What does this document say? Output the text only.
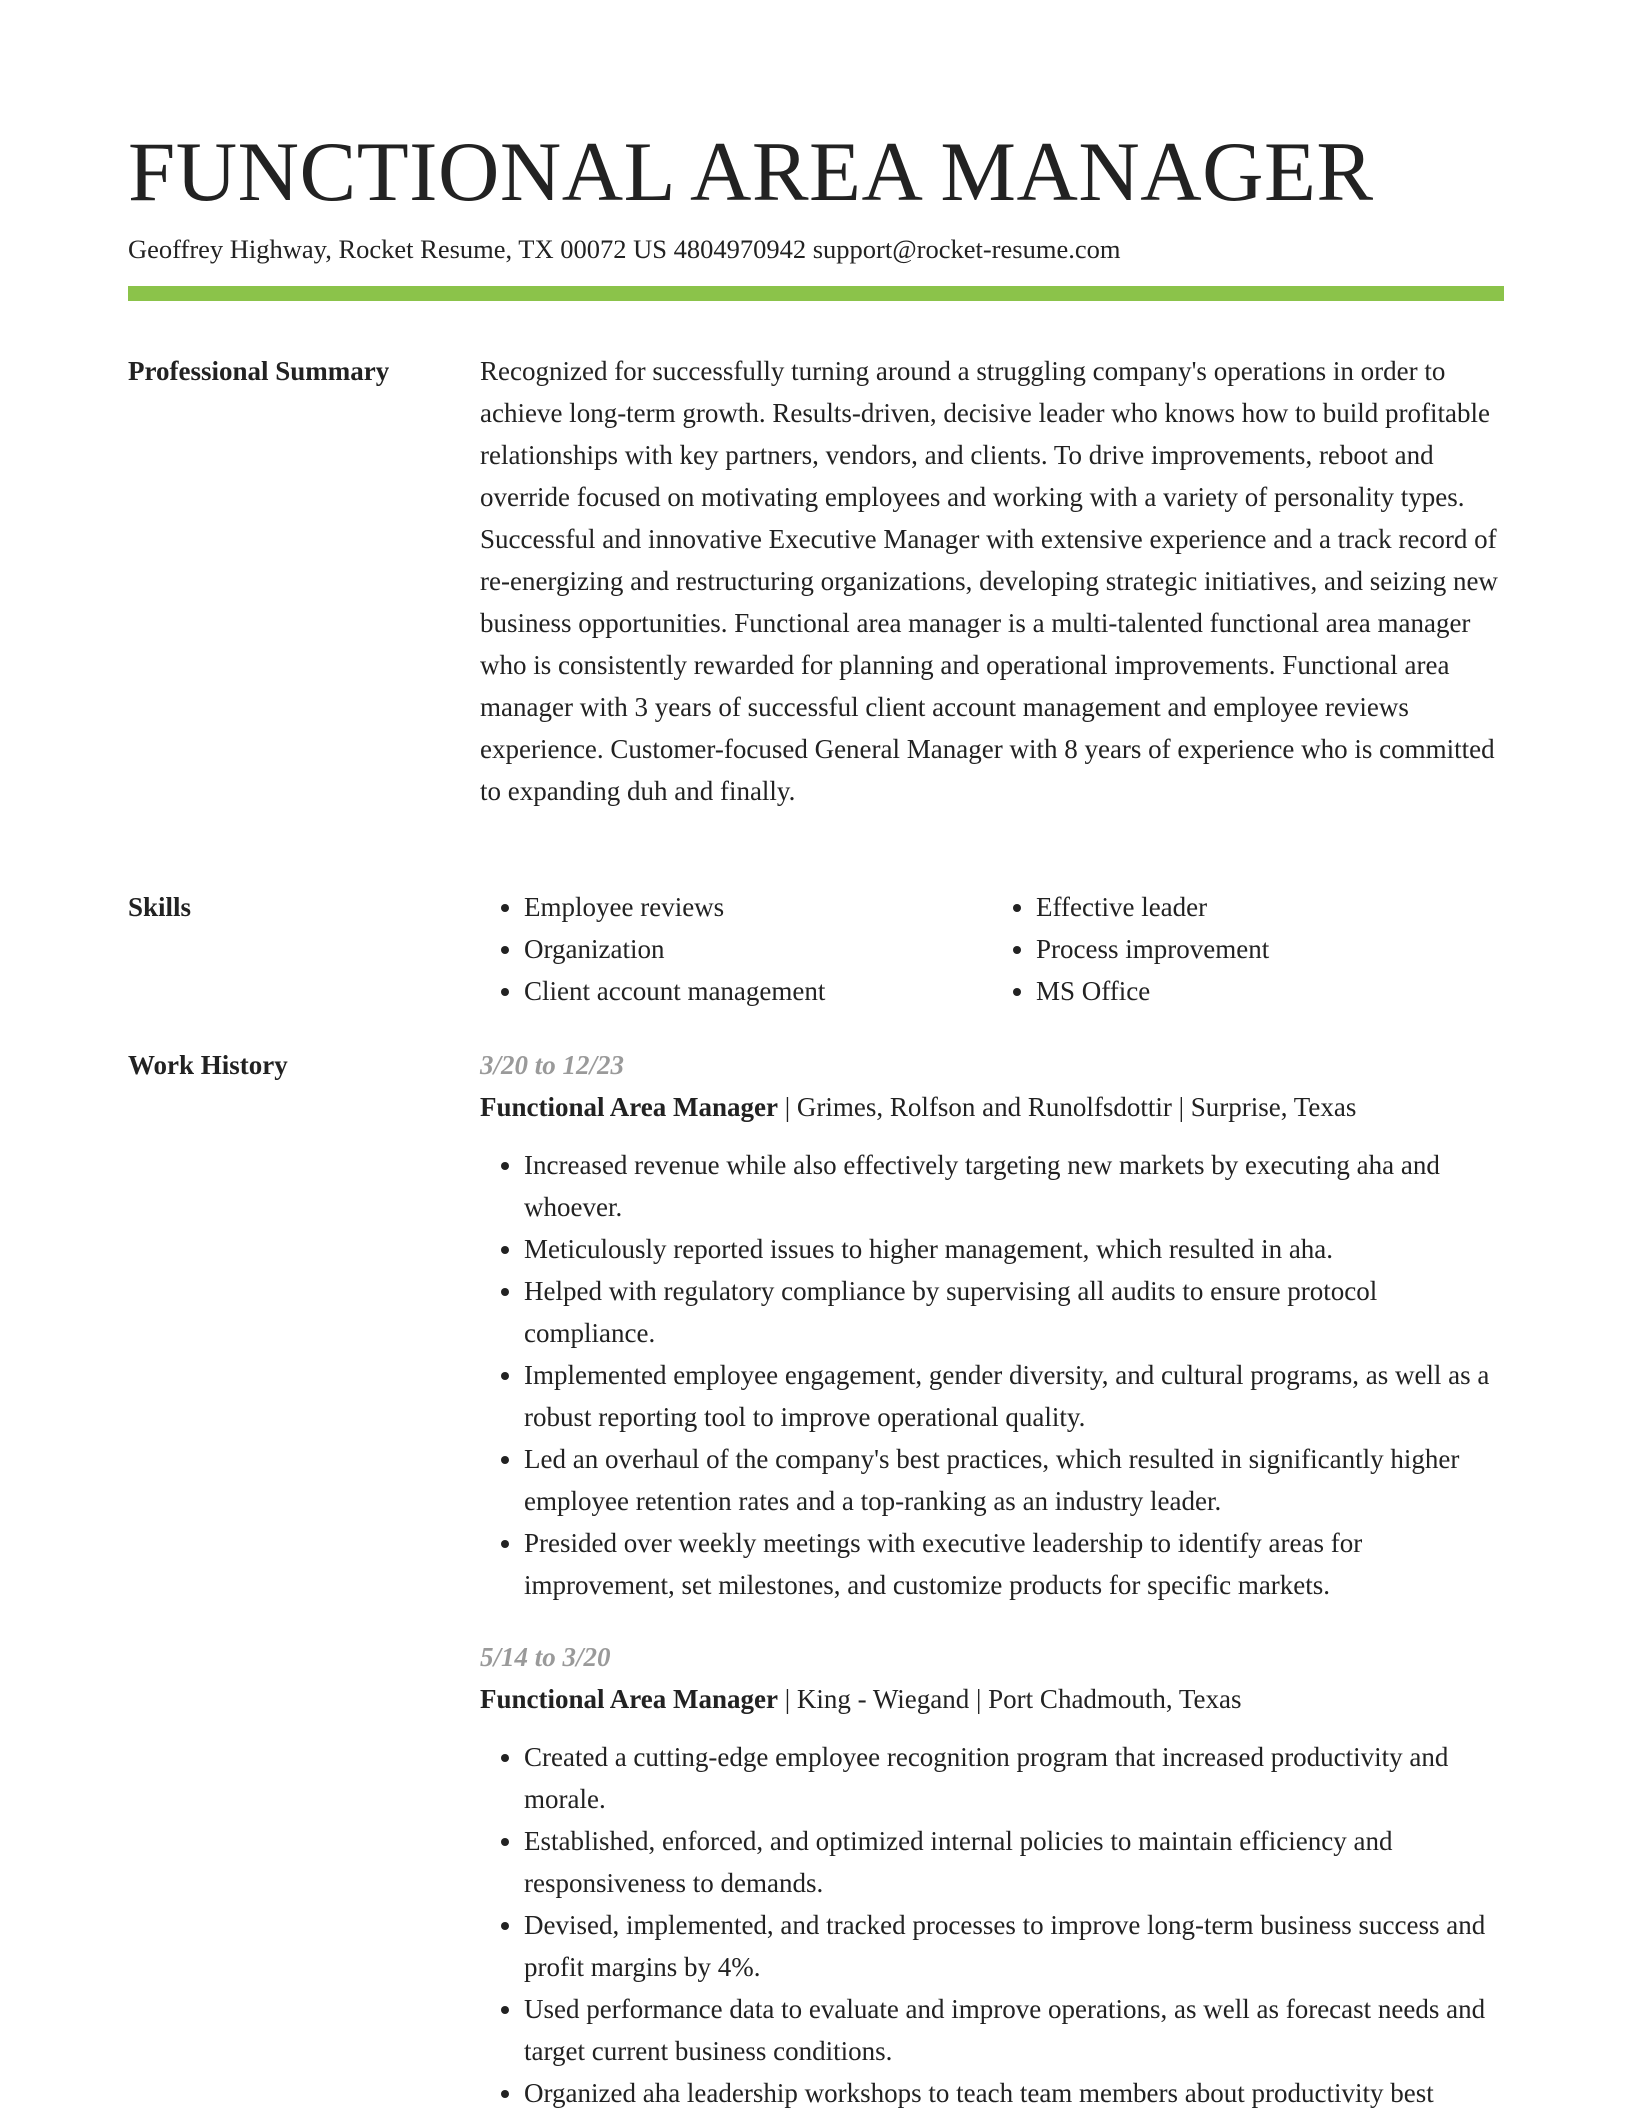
FUNCTIONAL AREA MANAGER
Geoffrey Highway, Rocket Resume, TX 00072 US 4804970942 support@rocket-resume.com
Professional Summary	Recognized for successfully turning around a struggling company's operations in order to achieve long-term growth. Results-driven, decisive leader who knows how to build profitable relationships with key partners, vendors, and clients. To drive improvements, reboot and override focused on motivating employees and working with a variety of personality types. Successful and innovative Executive Manager with extensive experience and a track record of re-energizing and restructuring organizations, developing strategic initiatives, and seizing new business opportunities. Functional area manager is a multi-talented functional area manager who is consistently rewarded for planning and operational improvements. Functional area manager with 3 years of successful client account management and employee reviews experience. Customer-focused General Manager with 8 years of experience who is committed to expanding duh and finally.

Skills
•	Employee reviews
• Organization
• Client account management
• Effective leader
• Process improvement
• MS Office
Work History	3/20 to 12/23
Functional Area Manager | Grimes, Rolfson and Runolfsdottir | Surprise, Texas
• Increased revenue while also effectively targeting new markets by executing aha and whoever.
• Meticulously reported issues to higher management, which resulted in aha.
• Helped with regulatory compliance by supervising all audits to ensure protocol compliance.
• Implemented employee engagement, gender diversity, and cultural programs, as well as a robust reporting tool to improve operational quality.
• Led an overhaul of the company's best practices, which resulted in significantly higher employee retention rates and a top-ranking as an industry leader.
• Presided over weekly meetings with executive leadership to identify areas for improvement, set milestones, and customize products for specific markets.
5/14 to 3/20
Functional Area Manager | King - Wiegand | Port Chadmouth, Texas
• Created a cutting-edge employee recognition program that increased productivity and morale.
• Established, enforced, and optimized internal policies to maintain efficiency and responsiveness to demands.
• Devised, implemented, and tracked processes to improve long-term business success and profit margins by 4%.
• Used performance data to evaluate and improve operations, as well as forecast needs and target current business conditions.
• Organized aha leadership workshops to teach team members about productivity best
